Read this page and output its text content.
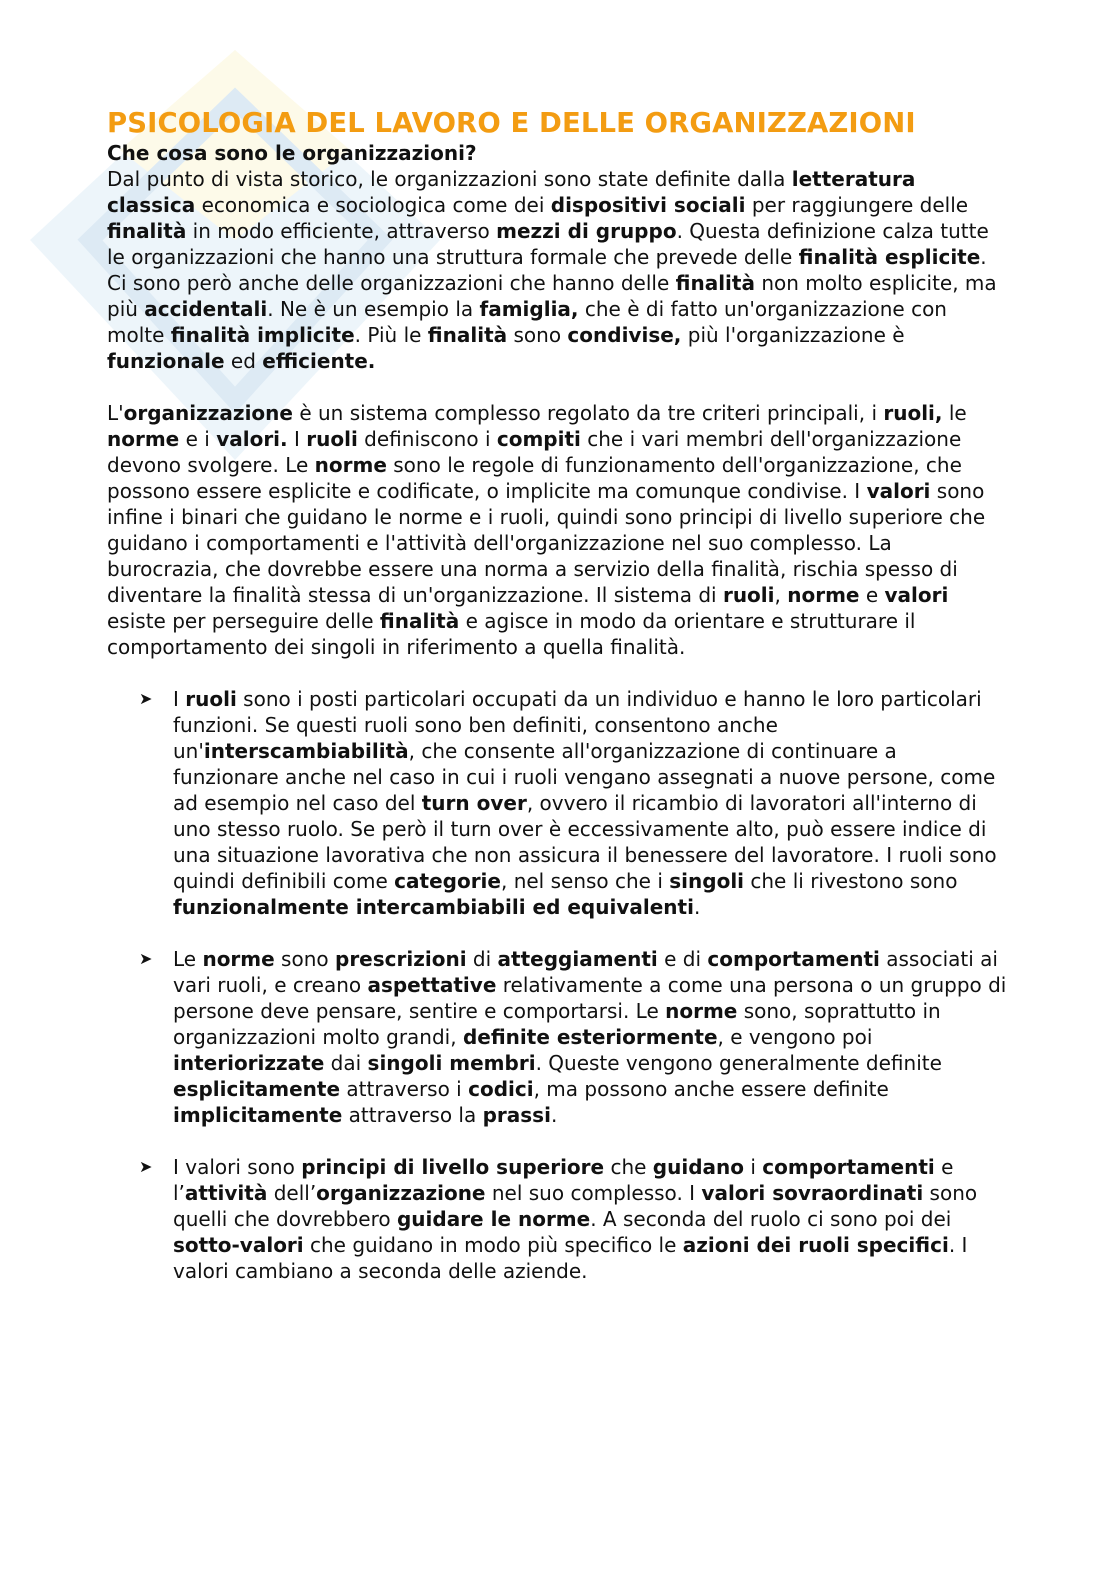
PSICOLOGIA DEL LAVORO E DELLE ORGANIZZAZIONI
Che cosa sono le organizzazioni?

Dal punto di vista storico, le organizzazioni sono state definite dalla letteratura classica economica e sociologica come dei dispositivi sociali per raggiungere delle finalità in modo efficiente, attraverso mezzi di gruppo. Questa definizione calza tutte le organizzazioni che hanno una struttura formale che prevede delle finalità esplicite. Ci sono però anche delle organizzazioni che hanno delle finalità non molto esplicite, ma più accidentali. Ne è un esempio la famiglia, che è di fatto un'organizzazione con molte finalità implicite. Più le finalità sono condivise, più l'organizzazione è funzionale ed efficiente.

L'organizzazione è un sistema complesso regolato da tre criteri principali, i ruoli, le norme e i valori. I ruoli definiscono i compiti che i vari membri dell'organizzazione devono svolgere. Le norme sono le regole di funzionamento dell'organizzazione, che possono essere esplicite e codificate, o implicite ma comunque condivise. I valori sono infine i binari che guidano le norme e i ruoli, quindi sono principi di livello superiore che guidano i comportamenti e l'attività dell'organizzazione nel suo complesso. La burocrazia, che dovrebbe essere una norma a servizio della finalità, rischia spesso di diventare la finalità stessa di un'organizzazione. Il sistema di ruoli, norme e valori esiste per perseguire delle finalità e agisce in modo da orientare e strutturare il comportamento dei singoli in riferimento a quella finalità.

➤ I ruoli sono i posti particolari occupati da un individuo e hanno le loro particolari funzioni. Se questi ruoli sono ben definiti, consentono anche un'interscambiabilità, che consente all'organizzazione di continuare a funzionare anche nel caso in cui i ruoli vengano assegnati a nuove persone, come ad esempio nel caso del turn over, ovvero il ricambio di lavoratori all'interno di uno stesso ruolo. Se però il turn over è eccessivamente alto, può essere indice di una situazione lavorativa che non assicura il benessere del lavoratore. I ruoli sono quindi definibili come categorie, nel senso che i singoli che li rivestono sono funzionalmente intercambiabili ed equivalenti.
➤ Le norme sono prescrizioni di atteggiamenti e di comportamenti associati ai vari ruoli, e creano aspettative relativamente a come una persona o un gruppo di persone deve pensare, sentire e comportarsi. Le norme sono, soprattutto in organizzazioni molto grandi, definite esteriormente, e vengono poi interiorizzate dai singoli membri. Queste vengono generalmente definite esplicitamente attraverso i codici, ma possono anche essere definite implicitamente attraverso la prassi.
➤ I valori sono principi di livello superiore che guidano i comportamenti e l’attività dell’organizzazione nel suo complesso. I valori sovraordinati sono quelli che dovrebbero guidare le norme. A seconda del ruolo ci sono poi dei sotto-valori che guidano in modo più specifico le azioni dei ruoli specifici. I valori cambiano a seconda delle aziende.
